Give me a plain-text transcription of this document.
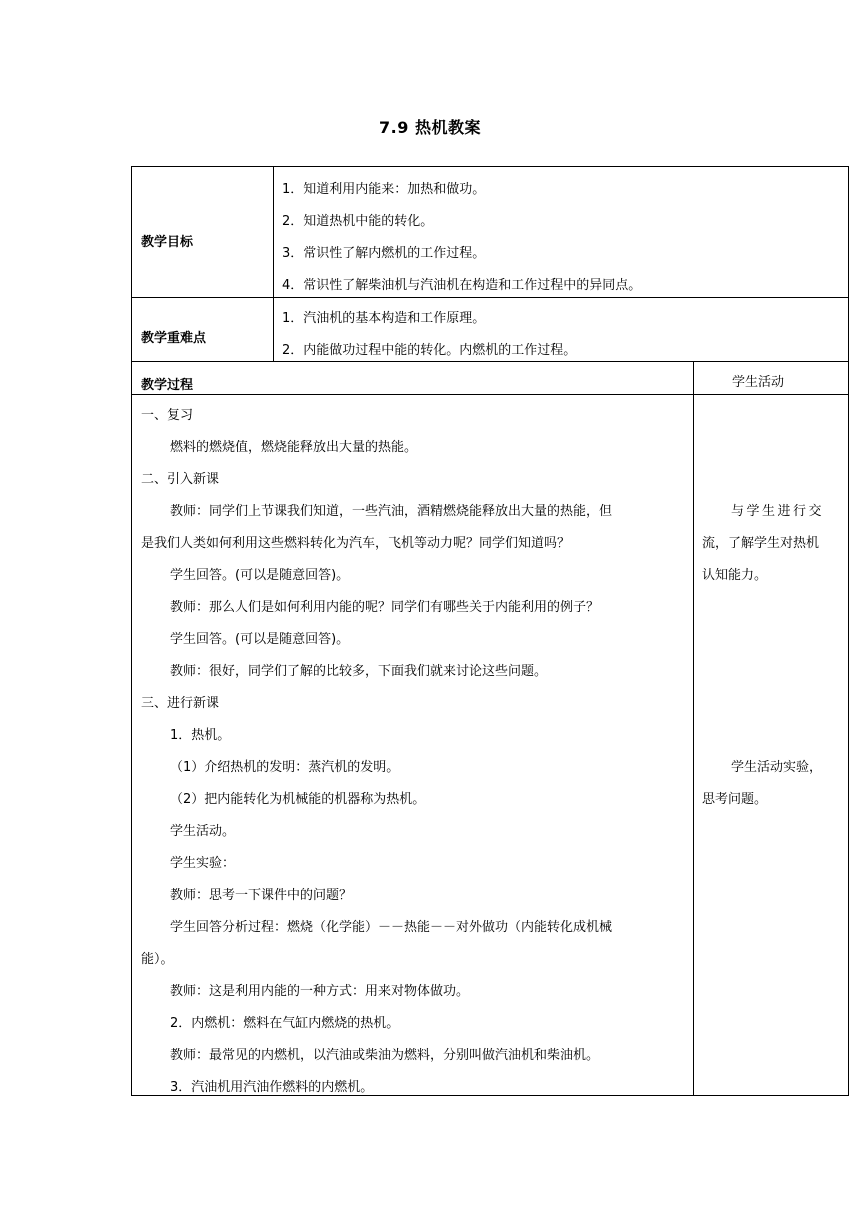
7.9 热机教案
教学目标
1．知道利用内能来：加热和做功。
2．知道热机中能的转化。
3．常识性了解内燃机的工作过程。
4．常识性了解柴油机与汽油机在构造和工作过程中的异同点。
教学重难点
1．汽油机的基本构造和工作原理。
2．内能做功过程中能的转化。内燃机的工作过程。
教学过程	学生活动
一、复习
燃料的燃烧值，燃烧能释放出大量的热能。
二、引入新课
教师：同学们上节课我们知道，一些汽油，酒精燃烧能释放出大量的热能，但
是我们人类如何利用这些燃料转化为汽车，飞机等动力呢？同学们知道吗？
学生回答。(可以是随意回答)。
教师：那么人们是如何利用内能的呢？同学们有哪些关于内能利用的例子？
学生回答。(可以是随意回答)。
教师：很好，同学们了解的比较多，下面我们就来讨论这些问题。
三、进行新课
1．热机。
（1）介绍热机的发明：蒸汽机的发明。
（2）把内能转化为机械能的机器称为热机。
学生活动。
学生实验：
教师：思考一下课件中的问题？
学生回答分析过程：燃烧（化学能）－－热能－－对外做功（内能转化成机械
能）。
教师：这是利用内能的一种方式：用来对物体做功。
2．内燃机：燃料在气缸内燃烧的热机。
教师：最常见的内燃机，以汽油或柴油为燃料，分别叫做汽油机和柴油机。
3．汽油机用汽油作燃料的内燃机。
与学生进行交
流，了解学生对热机
认知能力。
学生活动实验，
思考问题。
